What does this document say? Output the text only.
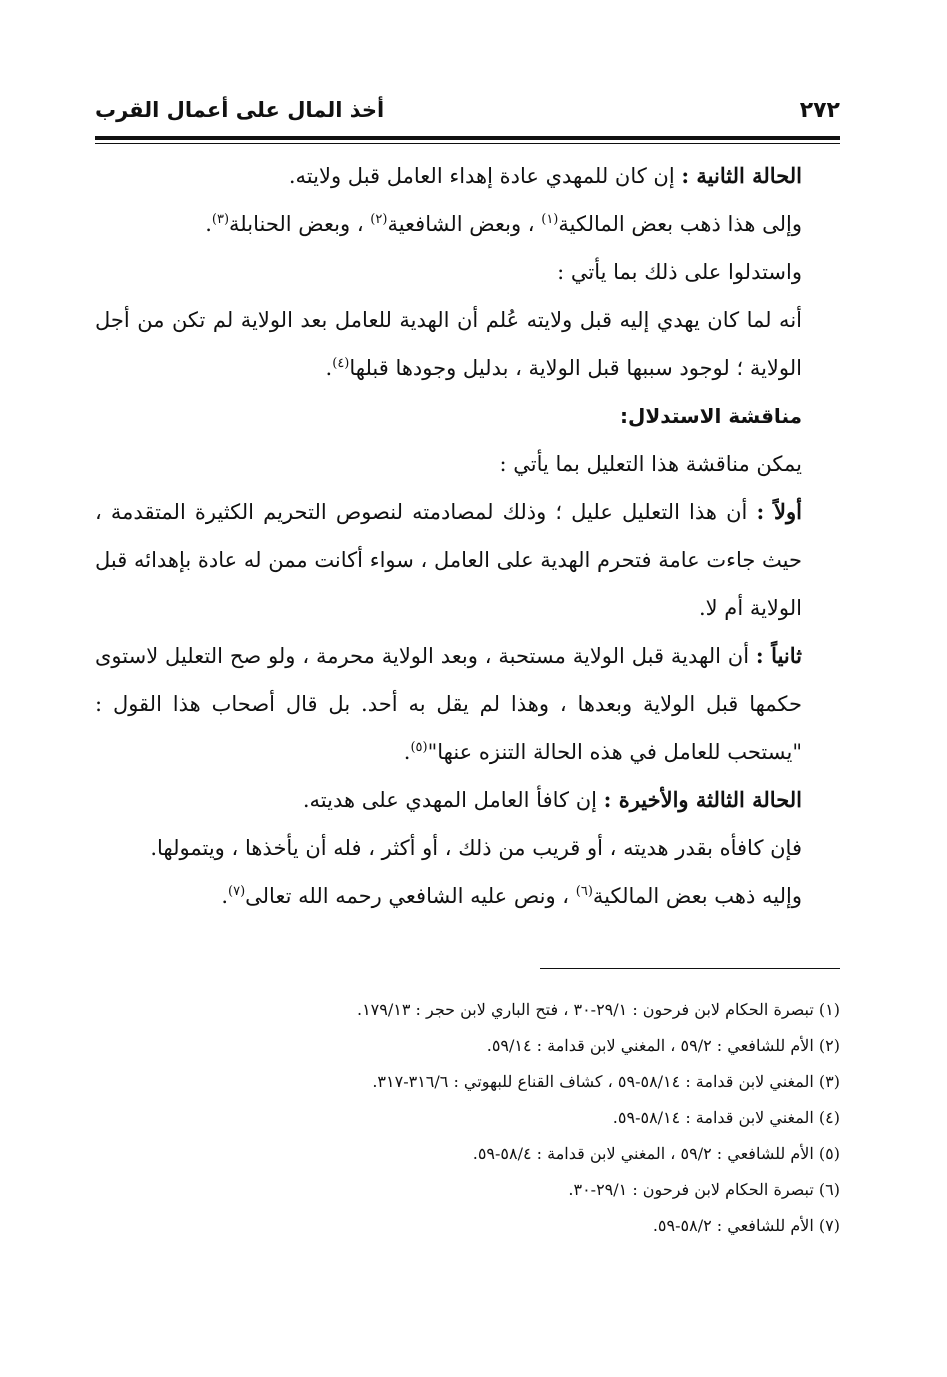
٢٧٢
أخذ المال على أعمال القرب

الحالة الثانية : إن كان للمهدي عادة إهداء العامل قبل ولايته.

وإلى هذا ذهب بعض المالكية$^{(١)}$ ، وبعض الشافعية$^{(٢)}$ ، وبعض الحنابلة$^{(٣)}$.

واستدلوا على ذلك بما يأتي :

أنه لما كان يهدي إليه قبل ولايته عُلم أن الهدية للعامل بعد الولاية لم تكن من أجل الولاية ؛ لوجود سببها قبل الولاية ، بدليل وجودها قبلها$^{(٤)}$.

مناقشة الاستدلال:

يمكن مناقشة هذا التعليل بما يأتي :

أولاً : أن هذا التعليل عليل ؛ وذلك لمصادمته لنصوص التحريم الكثيرة المتقدمة ، حيث جاءت عامة فتحرم الهدية على العامل ، سواء أكانت ممن له عادة بإهدائه قبل الولاية أم لا.

ثانياً : أن الهدية قبل الولاية مستحبة ، وبعد الولاية محرمة ، ولو صح التعليل لاستوى حكمها قبل الولاية وبعدها ، وهذا لم يقل به أحد. بل قال أصحاب هذا القول : "يستحب للعامل في هذه الحالة التنزه عنها"$^{(٥)}$.

الحالة الثالثة والأخيرة : إن كافأ العامل المهدي على هديته.

فإن كافأه بقدر هديته ، أو قريب من ذلك ، أو أكثر ، فله أن يأخذها ، ويتمولها.

وإليه ذهب بعض المالكية$^{(٦)}$ ، ونص عليه الشافعي رحمه الله تعالى$^{(٧)}$.

(١) تبصرة الحكام لابن فرحون : ٢٩/١-٣٠ ، فتح الباري لابن حجر : ١٧٩/١٣.

(٢) الأم للشافعي : ٥٩/٢ ، المغني لابن قدامة : ٥٩/١٤.

(٣) المغني لابن قدامة : ٥٨/١٤-٥٩ ، كشاف القناع للبهوتي : ٣١٦/٦-٣١٧.

(٤) المغني لابن قدامة : ٥٨/١٤-٥٩.

(٥) الأم للشافعي : ٥٩/٢ ، المغني لابن قدامة : ٥٨/٤-٥٩.

(٦) تبصرة الحكام لابن فرحون : ٢٩/١-٣٠.

(٧) الأم للشافعي : ٥٨/٢-٥٩.
